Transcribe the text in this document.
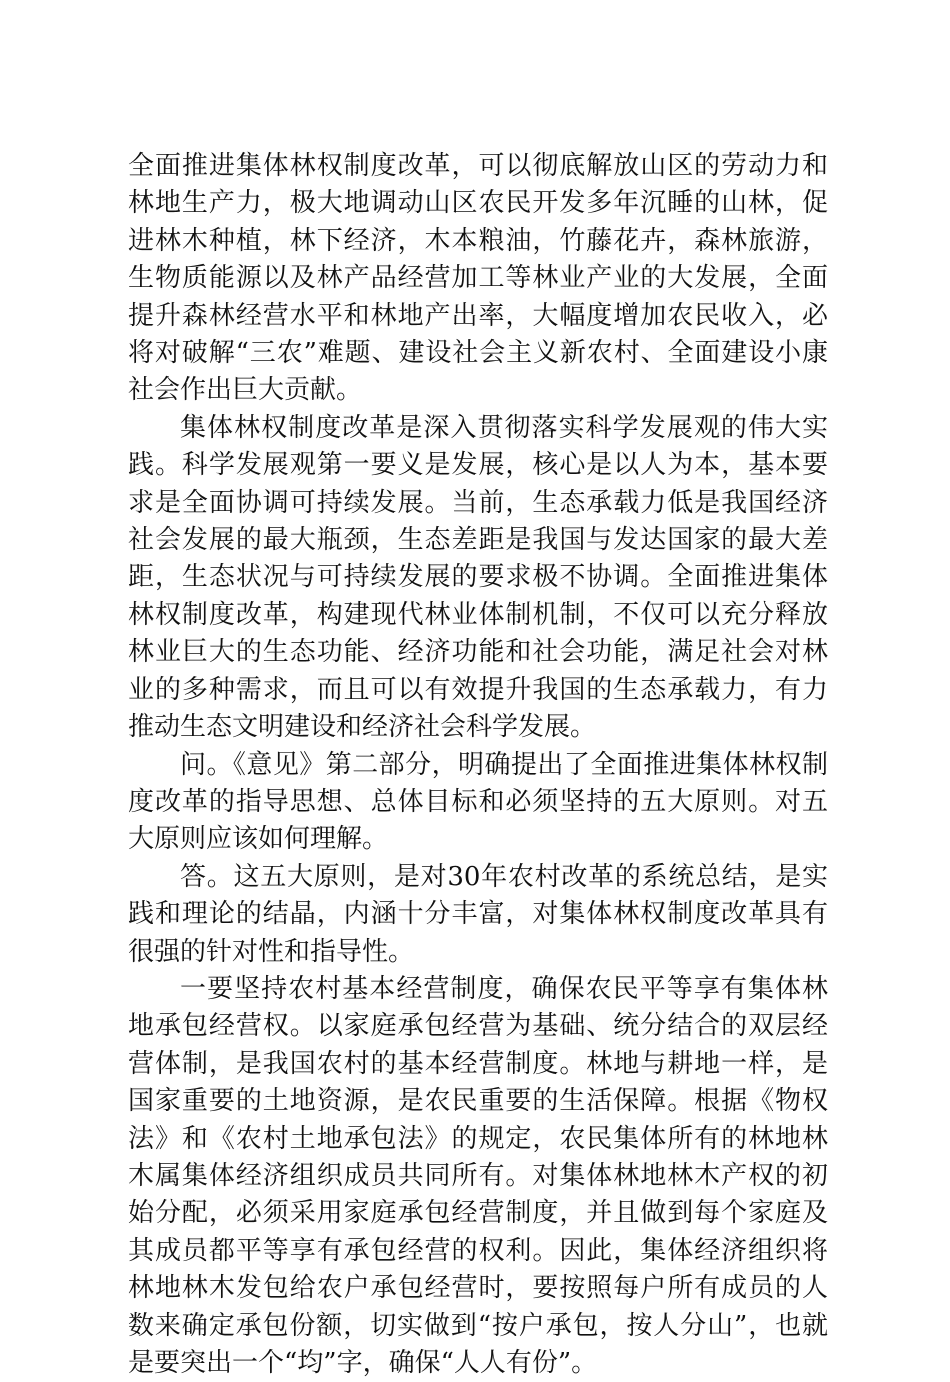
全面推进集体林权制度改革，可以彻底解放山区的劳动力和林地生产力，极大地调动山区农民开发多年沉睡的山林，促进林木种植，林下经济，木本粮油，竹藤花卉，森林旅游，生物质能源以及林产品经营加工等林业产业的大发展，全面提升森林经营水平和林地产出率，大幅度增加农民收入，必将对破解“三农”难题、建设社会主义新农村、全面建设小康社会作出巨大贡献。

集体林权制度改革是深入贯彻落实科学发展观的伟大实践。科学发展观第一要义是发展，核心是以人为本，基本要求是全面协调可持续发展。当前，生态承载力低是我国经济社会发展的最大瓶颈，生态差距是我国与发达国家的最大差距，生态状况与可持续发展的要求极不协调。全面推进集体林权制度改革，构建现代林业体制机制，不仅可以充分释放林业巨大的生态功能、经济功能和社会功能，满足社会对林业的多种需求，而且可以有效提升我国的生态承载力，有力推动生态文明建设和经济社会科学发展。

问。《意见》第二部分，明确提出了全面推进集体林权制度改革的指导思想、总体目标和必须坚持的五大原则。对五大原则应该如何理解。

答。这五大原则，是对30年农村改革的系统总结，是实践和理论的结晶，内涵十分丰富，对集体林权制度改革具有很强的针对性和指导性。

一要坚持农村基本经营制度，确保农民平等享有集体林地承包经营权。以家庭承包经营为基础、统分结合的双层经营体制，是我国农村的基本经营制度。林地与耕地一样，是国家重要的土地资源，是农民重要的生活保障。根据《物权法》和《农村土地承包法》的规定，农民集体所有的林地林木属集体经济组织成员共同所有。对集体林地林木产权的初始分配，必须采用家庭承包经营制度，并且做到每个家庭及其成员都平等享有承包经营的权利。因此，集体经济组织将林地林木发包给农户承包经营时，要按照每户所有成员的人数来确定承包份额，切实做到“按户承包，按人分山”，也就是要突出一个“均”字，确保“人人有份”。
